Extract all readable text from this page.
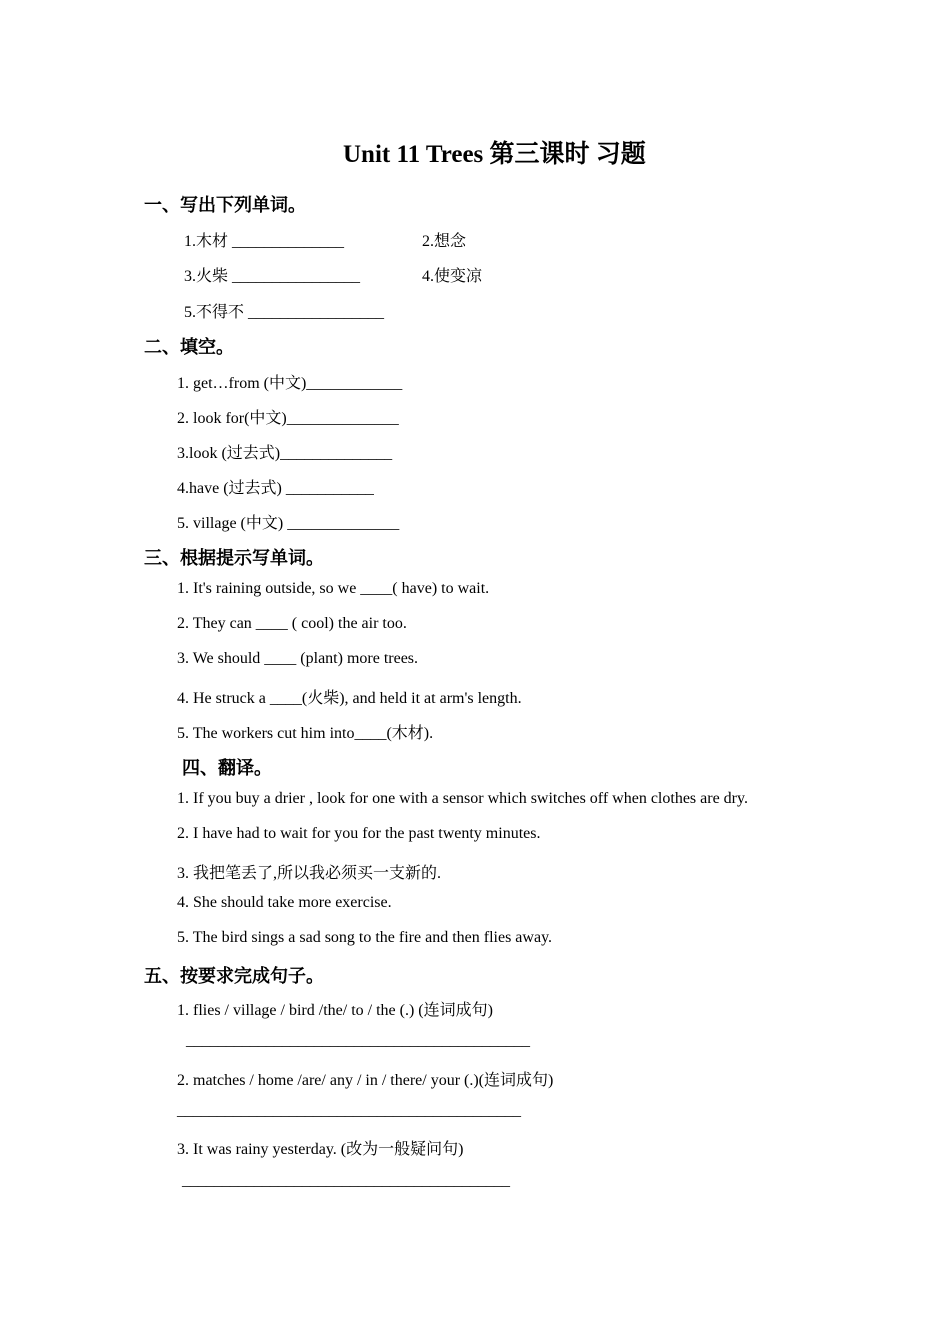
Unit 11 Trees 第三课时 习题
一、写出下列单词。
1.木材 ______________	2.想念
3.火柴 ________________	4.使变凉
5.不得不 _________________
二、填空。
1. get…from (中文)____________
2. look for(中文)______________
3.look (过去式)______________
4.have (过去式) ___________
5. village (中文) ______________
三、根据提示写单词。
1. It's raining outside, so we ____( have) to wait.
2. They can ____ ( cool) the air too.
3. We should ____ (plant) more trees.
4. He struck a ____(火柴), and held it at arm's length.
5. The workers cut him into____(木材).
四、翻译。
1. If you buy a drier , look for one with a sensor which switches off when clothes are dry.
2. I have had to wait for you for the past twenty minutes.
3. 我把笔丢了,所以我必须买一支新的.
4. She should take more exercise.
5. The bird sings a sad song to the fire and then flies away.
五、按要求完成句子。
1. flies / village / bird /the/ to / the (.) (连词成句)
___________________________________________
2. matches / home /are/ any / in / there/ your (.)(连词成句)
___________________________________________
3. It was rainy yesterday. (改为一般疑问句)
_________________________________________
